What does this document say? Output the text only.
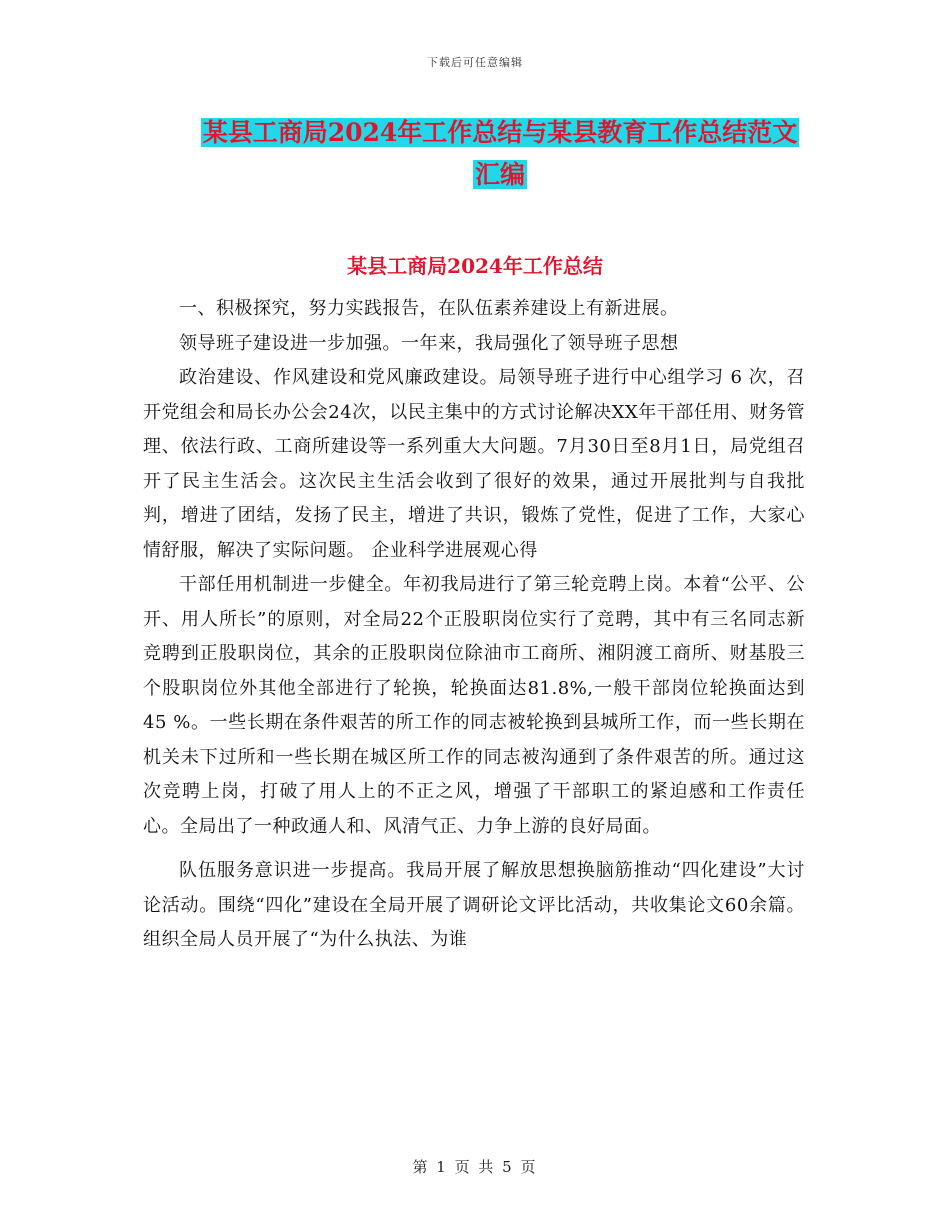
下载后可任意编辑
某县工商局2024年工作总结与某县教育工作总结范文
汇编
某县工商局2024年工作总结

一、积极探究，努力实践报告，在队伍素养建设上有新进展。

领导班子建设进一步加强。一年来，我局强化了领导班子思想

政治建设、作风建设和党风廉政建设。局领导班子进行中心组学习 6 次，召开党组会和局长办公会24次，以民主集中的方式讨论解决XX年干部任用、财务管理、依法行政、工商所建设等一系列重大大问题。7月30日至8月1日，局党组召开了民主生活会。这次民主生活会收到了很好的效果，通过开展批判与自我批判，增进了团结，发扬了民主，增进了共识，锻炼了党性，促进了工作，大家心情舒服，解决了实际问题。 企业科学进展观心得

干部任用机制进一步健全。年初我局进行了第三轮竞聘上岗。本着“公平、公开、用人所长”的原则，对全局22个正股职岗位实行了竞聘，其中有三名同志新竞聘到正股职岗位，其余的正股职岗位除油市工商所、湘阴渡工商所、财基股三个股职岗位外其他全部进行了轮换，轮换面达81.8%,一般干部岗位轮换面达到45 %。一些长期在条件艰苦的所工作的同志被轮换到县城所工作，而一些长期在机关未下过所和一些长期在城区所工作的同志被沟通到了条件艰苦的所。通过这次竞聘上岗，打破了用人上的不正之风，增强了干部职工的紧迫感和工作责任心。全局出了一种政通人和、风清气正、力争上游的良好局面。

队伍服务意识进一步提高。我局开展了解放思想换脑筋推动“四化建设”大讨论活动。围绕“四化”建设在全局开展了调研论文评比活动，共收集论文60余篇。组织全局人员开展了“为什么执法、为谁

第 1 页 共 5 页
